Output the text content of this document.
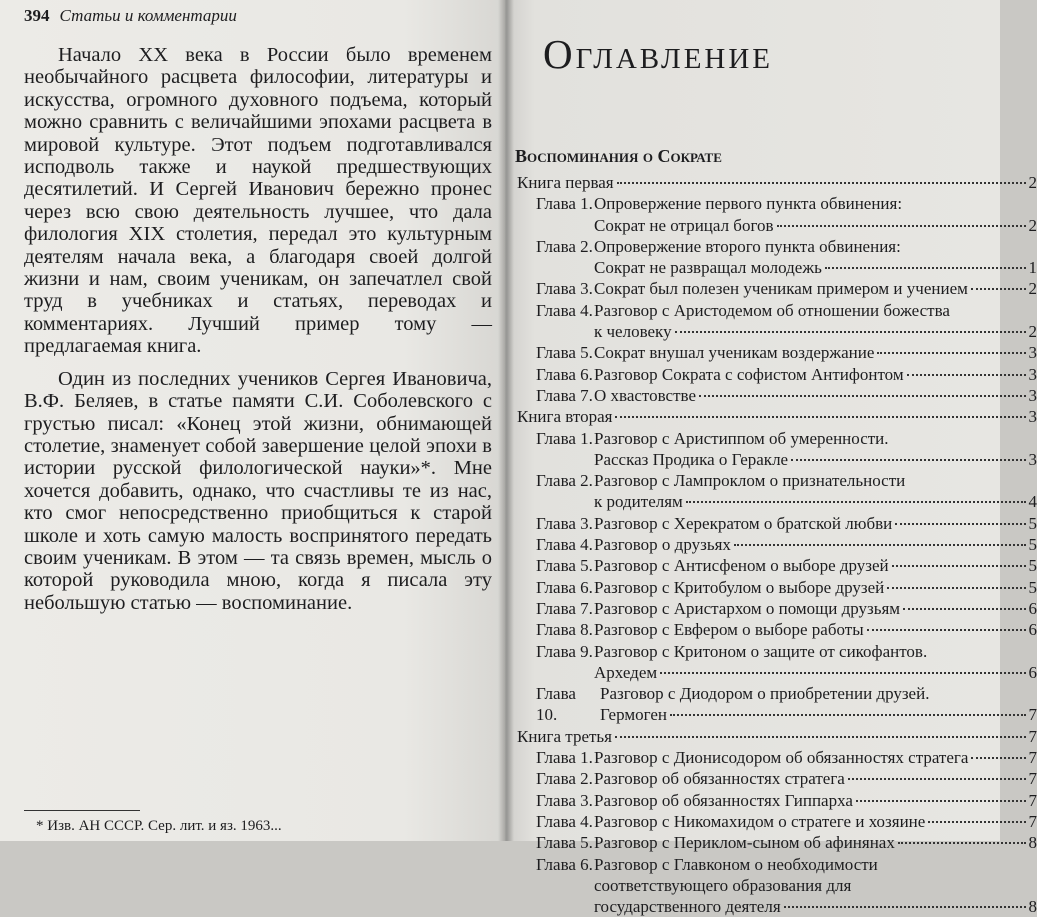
394 Статьи и комментарии

Начало XX века в России было временем необычайного расцвета философии, литературы и искусства, огромного духовного подъема, который можно сравнить с величайшими эпохами расцвета в мировой культуре. Этот подъем подготавливался исподволь также и наукой предшествующих десятилетий. И Сергей Иванович бережно пронес через всю свою деятельность лучшее, что дала филология XIX столетия, передал это культурным деятелям начала века, а благодаря своей долгой жизни и нам, своим ученикам, он запечатлел свой труд в учебниках и статьях, переводах и комментариях. Лучший пример тому — предлагаемая книга.

Один из последних учеников Сергея Ивановича, В.Ф. Беляев, в статье памяти С.И. Соболевского с грустью писал: «Конец этой жизни, обнимающей столетие, знаменует собой завершение целой эпохи в истории русской филологической науки»*. Мне хочется добавить, однако, что счастливы те из нас, кто смог непосредственно приобщиться к старой школе и хоть самую малость воспринятого передать своим ученикам. В этом — та связь времен, мысль о которой руководила мною, когда я писала эту небольшую статью — воспоминание.

* Изв. АН СССР. Сер. лит. и яз. 1963...
Оглавление
Воспоминания о Сократе
Книга первая	2
Глава 1. Опровержение первого пункта обвинения:
Сократ не отрицал богов	2
Глава 2. Опровержение второго пункта обвинения:
Сократ не развращал молодежь	1
Глава 3. Сократ был полезен ученикам примером и учением	2
Глава 4. Разговор с Аристодемом об отношении божества
к человеку	2
Глава 5. Сократ внушал ученикам воздержание	3
Глава 6. Разговор Сократа с софистом Антифонтом	3
Глава 7. О хвастовстве	3
Книга вторая	3
Глава 1. Разговор с Аристиппом об умеренности.
Рассказ Продика о Геракле	3
Глава 2. Разговор с Лампроклом о признательности
к родителям	4
Глава 3. Разговор с Херекратом о братской любви	5
Глава 4. Разговор о друзьях	5
Глава 5. Разговор с Антисфеном о выборе друзей	5
Глава 6. Разговор с Критобулом о выборе друзей	5
Глава 7. Разговор с Аристархом о помощи друзьям	6
Глава 8. Разговор с Евфером о выборе работы	6
Глава 9. Разговор с Критоном о защите от сикофантов.
Архедем	6
Глава 10.
Разговор с Диодором о приобретении друзей.
Гермоген	7
Книга третья	7
Глава 1. Разговор с Дионисодором об обязанностях стратега	7
Глава 2. Разговор об обязанностях стратега	7
Глава 3. Разговор об обязанностях Гиппарха	7
Глава 4. Разговор с Никомахидом о стратеге и хозяине	7
Глава 5. Разговор с Периклом-сыном об афинянах	8
Глава 6. Разговор с Главконом о необходимости
соответствующего образования для
государственного деятеля	8
